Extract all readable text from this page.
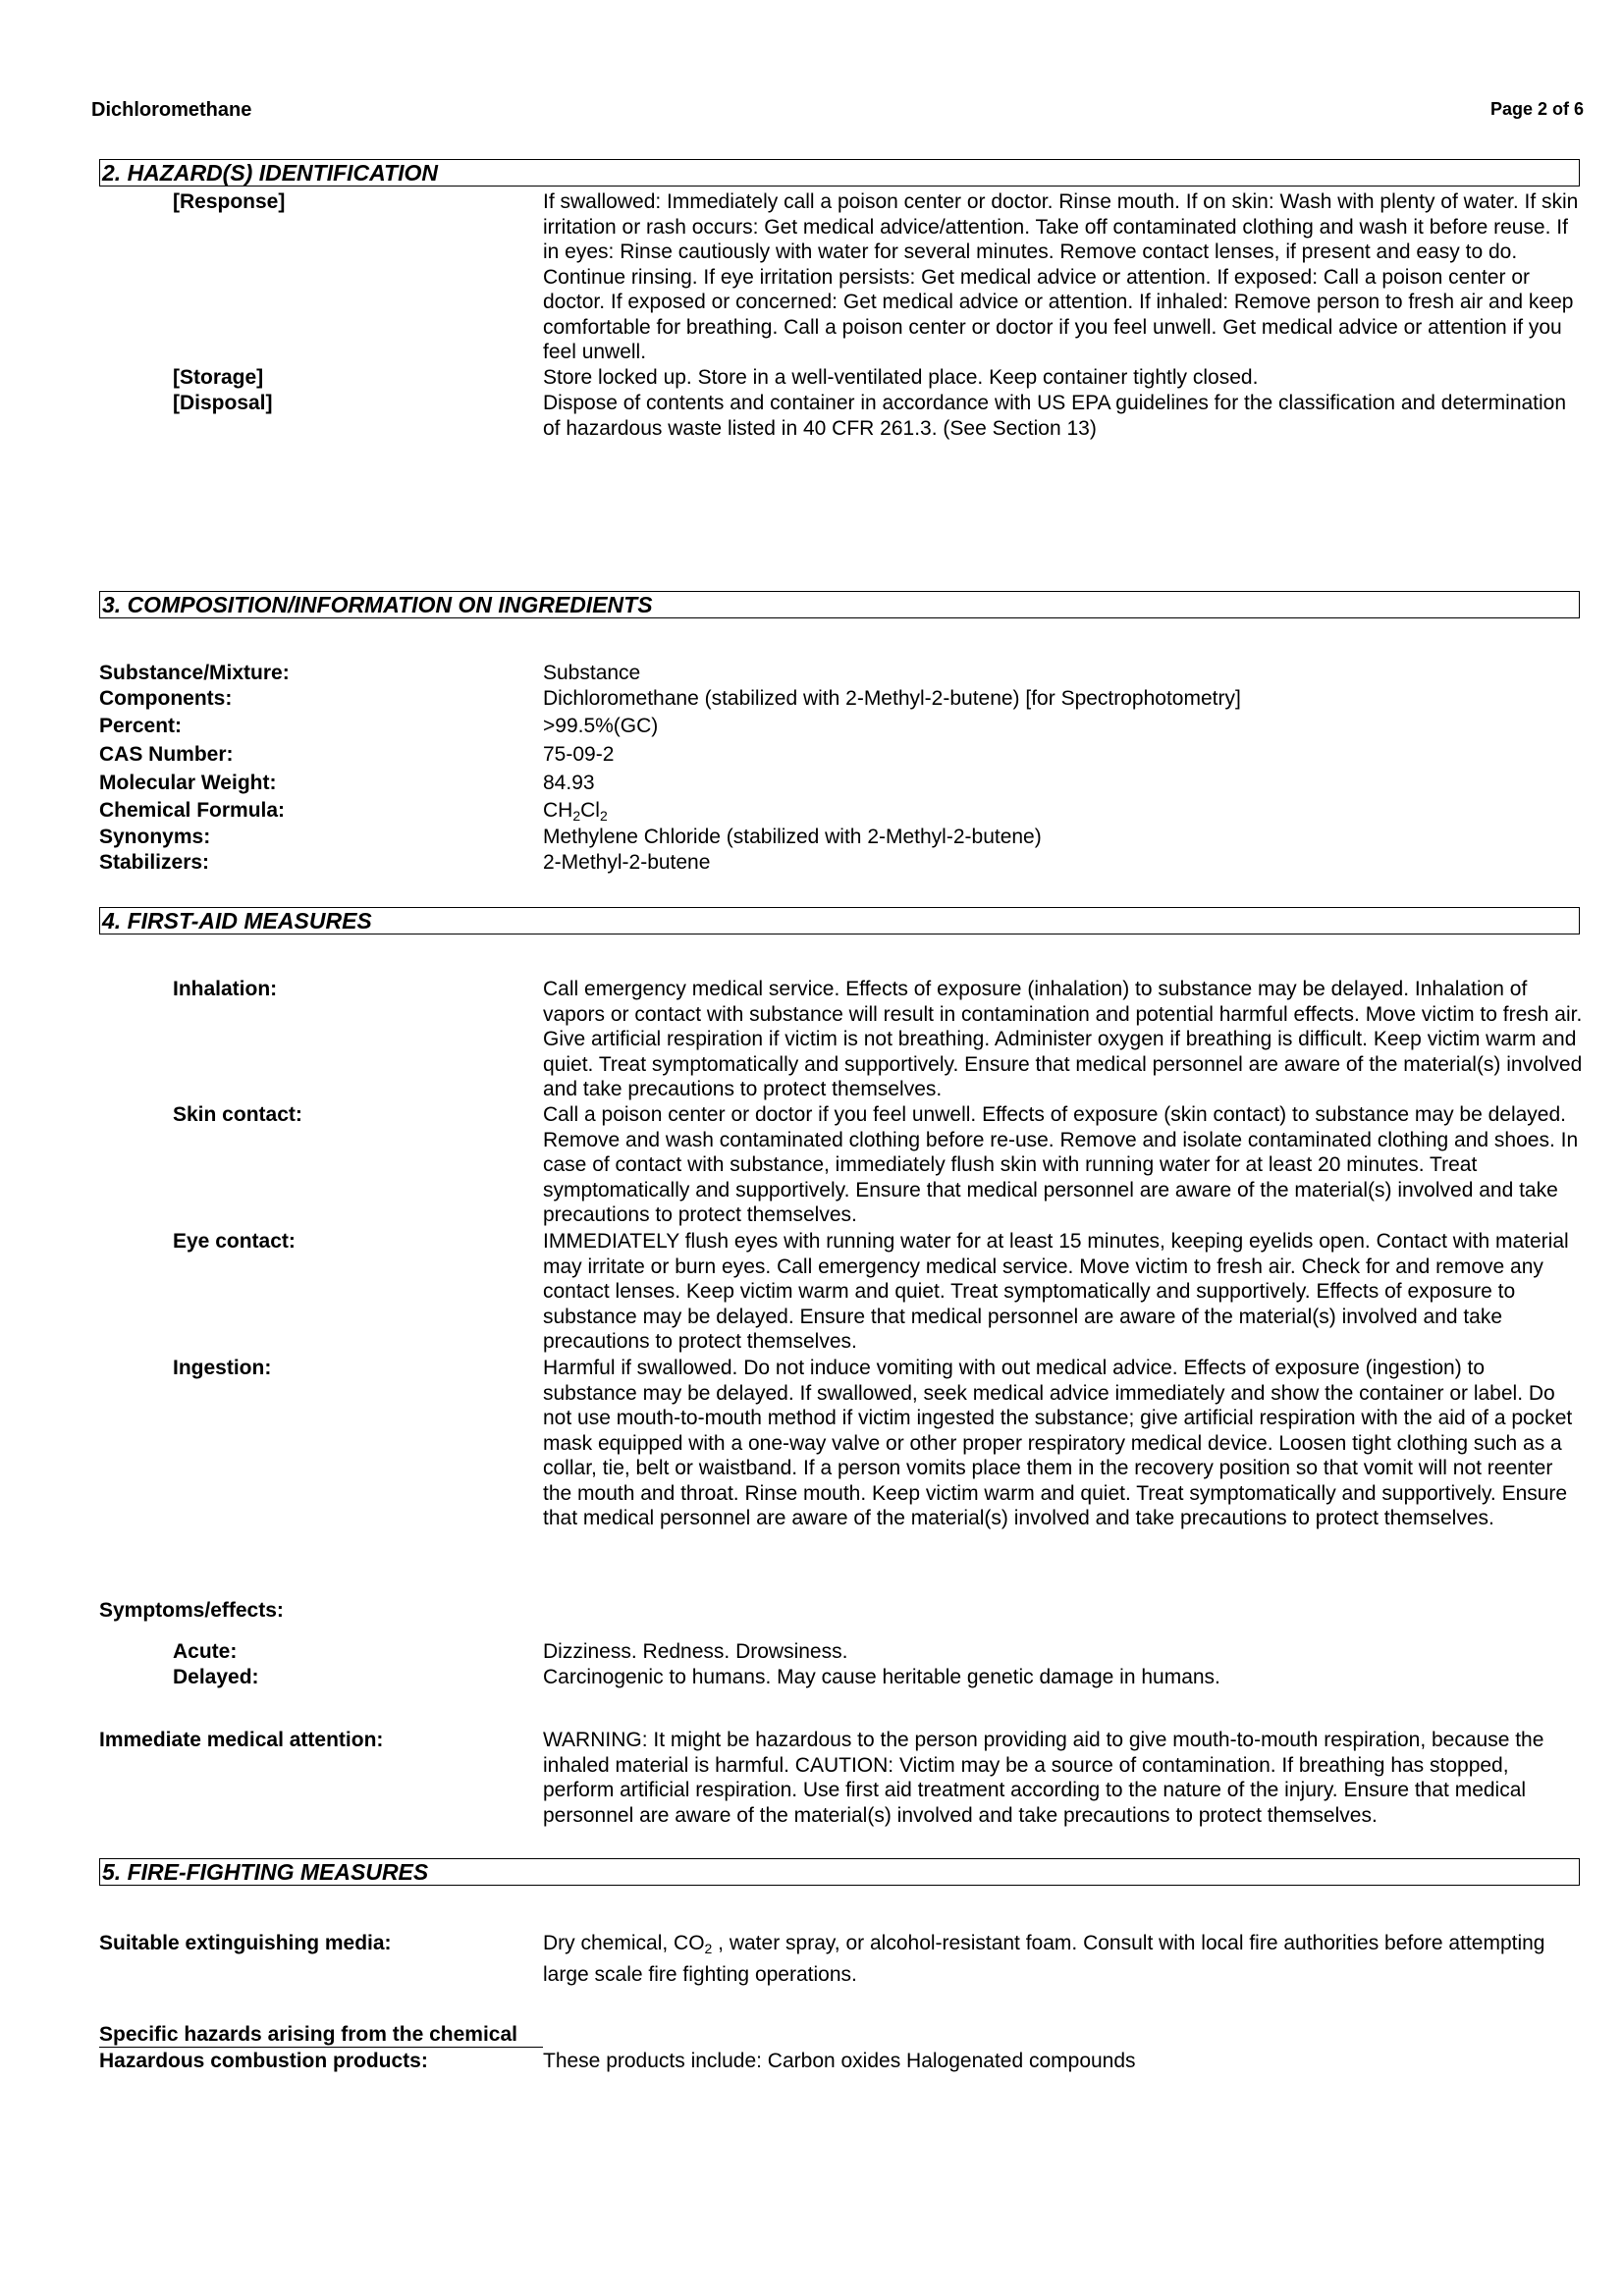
Dichloromethane	Page 2 of 6
2. HAZARD(S) IDENTIFICATION
[Response]	If swallowed: Immediately call a poison center or doctor. Rinse mouth. If on skin: Wash with plenty of water. If skin irritation or rash occurs: Get medical advice/attention. Take off contaminated clothing and wash it before reuse. If in eyes: Rinse cautiously with water for several minutes. Remove contact lenses, if present and easy to do. Continue rinsing. If eye irritation persists: Get medical advice or attention. If exposed: Call a poison center or doctor. If exposed or concerned: Get medical advice or attention. If inhaled: Remove person to fresh air and keep comfortable for breathing. Call a poison center or doctor if you feel unwell. Get medical advice or attention if you feel unwell.
[Storage]	Store locked up. Store in a well-ventilated place. Keep container tightly closed.
[Disposal]	Dispose of contents and container in accordance with US EPA guidelines for the classification and determination of hazardous waste listed in 40 CFR 261.3. (See Section 13)
3. COMPOSITION/INFORMATION ON INGREDIENTS
Substance/Mixture:	Substance
Components:	Dichloromethane (stabilized with 2-Methyl-2-butene) [for Spectrophotometry]
Percent:	>99.5%(GC)
CAS Number:	75-09-2
Molecular Weight:	84.93
Chemical Formula:	$CH_2Cl_2$
Synonyms:	Methylene Chloride (stabilized with 2-Methyl-2-butene)
Stabilizers:	2-Methyl-2-butene
4. FIRST-AID MEASURES
Inhalation:	Call emergency medical service. Effects of exposure (inhalation) to substance may be delayed. Inhalation of vapors or contact with substance will result in contamination and potential harmful effects. Move victim to fresh air. Give artificial respiration if victim is not breathing. Administer oxygen if breathing is difficult. Keep victim warm and quiet. Treat symptomatically and supportively. Ensure that medical personnel are aware of the material(s) involved and take precautions to protect themselves.
Skin contact:	Call a poison center or doctor if you feel unwell. Effects of exposure (skin contact) to substance may be delayed. Remove and wash contaminated clothing before re-use. Remove and isolate contaminated clothing and shoes. In case of contact with substance, immediately flush skin with running water for at least 20 minutes. Treat symptomatically and supportively. Ensure that medical personnel are aware of the material(s) involved and take precautions to protect themselves.
Eye contact:	IMMEDIATELY flush eyes with running water for at least 15 minutes, keeping eyelids open. Contact with material may irritate or burn eyes. Call emergency medical service. Move victim to fresh air. Check for and remove any contact lenses. Keep victim warm and quiet. Treat symptomatically and supportively. Effects of exposure to substance may be delayed. Ensure that medical personnel are aware of the material(s) involved and take precautions to protect themselves.
Ingestion:	Harmful if swallowed. Do not induce vomiting with out medical advice. Effects of exposure (ingestion) to substance may be delayed. If swallowed, seek medical advice immediately and show the container or label. Do not use mouth-to-mouth method if victim ingested the substance; give artificial respiration with the aid of a pocket mask equipped with a one-way valve or other proper respiratory medical device. Loosen tight clothing such as a collar, tie, belt or waistband. If a person vomits place them in the recovery position so that vomit will not reenter the mouth and throat. Rinse mouth. Keep victim warm and quiet. Treat symptomatically and supportively. Ensure that medical personnel are aware of the material(s) involved and take precautions to protect themselves.
Symptoms/effects:
Acute:	Dizziness. Redness. Drowsiness.
Delayed:	Carcinogenic to humans. May cause heritable genetic damage in humans.
Immediate medical attention:	WARNING: It might be hazardous to the person providing aid to give mouth-to-mouth respiration, because the inhaled material is harmful. CAUTION: Victim may be a source of contamination. If breathing has stopped, perform artificial respiration. Use first aid treatment according to the nature of the injury. Ensure that medical personnel are aware of the material(s) involved and take precautions to protect themselves.
5. FIRE-FIGHTING MEASURES
Suitable extinguishing media:	Dry chemical, $CO_2$ , water spray, or alcohol-resistant foam. Consult with local fire authorities before attempting large scale fire fighting operations.
Specific hazards arising from the chemical
Hazardous combustion products:	These products include: Carbon oxides Halogenated compounds
